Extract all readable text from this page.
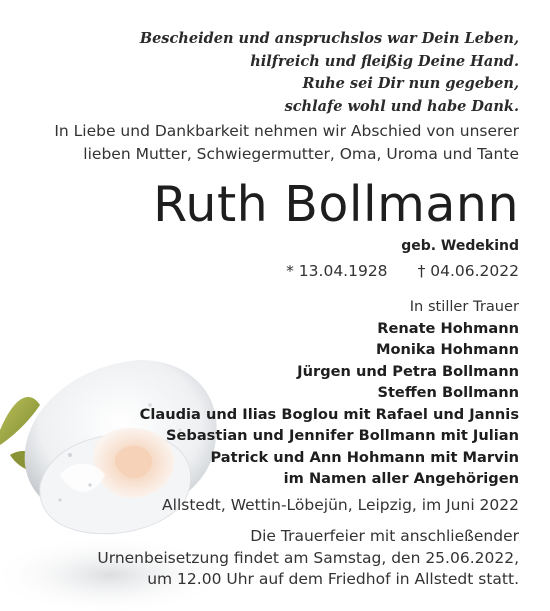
Bescheiden und anspruchslos war Dein Leben,
hilfreich und fleißig Deine Hand.
Ruhe sei Dir nun gegeben,
schlafe wohl und habe Dank.
In Liebe und Dankbarkeit nehmen wir Abschied von unserer
lieben Mutter, Schwiegermutter, Oma, Uroma und Tante
Ruth Bollmann
geb. Wedekind
* 13.04.1928 † 04.06.2022
In stiller Trauer
Renate Hohmann
Monika Hohmann
Jürgen und Petra Bollmann
Steffen Bollmann
Claudia und Ilias Boglou mit Rafael und Jannis
Sebastian und Jennifer Bollmann mit Julian
Patrick und Ann Hohmann mit Marvin
im Namen aller Angehörigen
Allstedt, Wettin-Löbejün, Leipzig, im Juni 2022
Die Trauerfeier mit anschließender
Urnenbeisetzung findet am Samstag, den 25.06.2022,
um 12.00 Uhr auf dem Friedhof in Allstedt statt.
